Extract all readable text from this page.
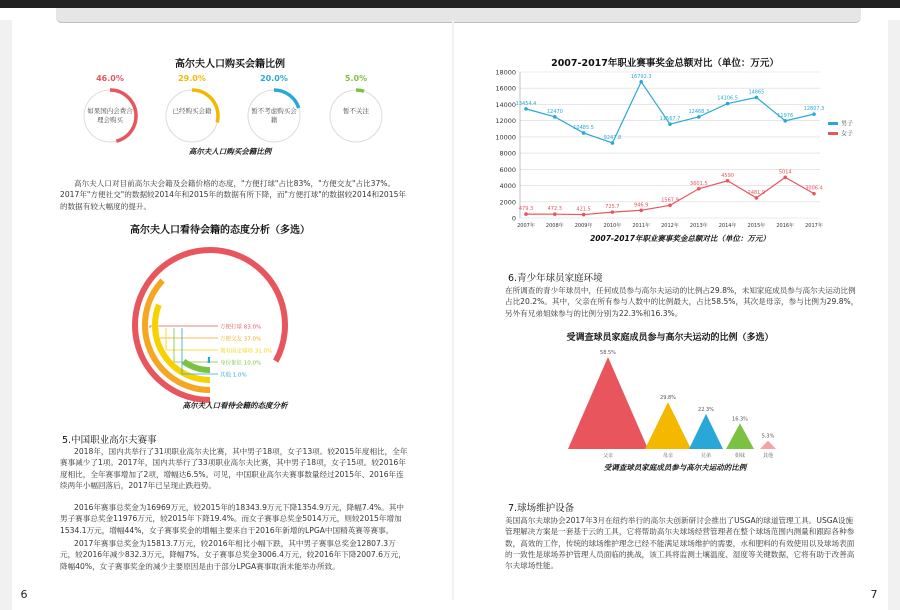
高尔夫人口购买会籍比例
46.0%
如果国内会费合理会购买
29.0%
已经购买会籍
20.0%
暂不考虑购买会籍
5.0%
暂不关注
高尔夫人口购买会籍比例

高尔夫人口对目前高尔夫会籍及会籍价格的态度，"方便打球"占比83%，"方便交友"占比37%。2017年"方便社交"的数据较2014年和2015年的数据有所下降，而"方便打球"的数据较2014和2015年的数据有较大幅度的提升。

高尔夫人口看待会籍的态度分析（多选）
方便打球 83.0%
方便交友 37.0%
拥有固定球场 31.0%
身份象征 10.0%
其他 1.0%
高尔夫人口看待会籍的态度分析
5.中国职业高尔夫赛事

2018年，国内共举行了31项职业高尔夫比赛，其中男子18项，女子13项。较2015年度相比，全年赛事减少了1项。2017年，国内共举行了33项职业高尔夫比赛，其中男子18项，女子15项。较2016年度相比，全年赛事增加了2项，增幅达6.5%。可见，中国职业高尔夫赛事数量经过2015年、2016年连续两年小幅回落后，2017年已呈现止跌趋势。

2016年赛事总奖金为16969万元，较2015年的18343.9万元下降1354.9万元，降幅7.4%。其中男子赛事总奖金11976万元，较2015年下降19.4%。而女子赛事总奖金5014万元，则较2015年增加1534.1万元，增幅44%，女子赛事奖金的增幅主要来自于2016年新增的LPGA中国精英赛等赛事。

2017年赛事总奖金为15813.7万元，较2016年相比小幅下跌，其中男子赛事总奖金12807.3万元，较2016年减少832.3万元，降幅7%。女子赛事总奖金3006.4万元，较2016年下降2007.6万元，降幅40%，女子赛事奖金的减少主要原因是由于部分LPGA赛事取消未能举办所致。

6
2007-2017年职业赛事奖金总额对比（单位：万元）
0
2000
4000
6000
8000
10000
12000
14000
16000
18000
2007年 2008年 2009年 2010年 2011年 2012年 2013年 2014年 2015年 2016年 2017年
13454.4
12470
10485.5
9247.8
16792.3
11567.7
12468.3
14106.5
14865
11976
12807.3
男子
479.3	472.3	421.5	725.7	946.9
1567.9
3601.5
4590
2481.9
5014
3006.4
女子
2007-2017年职业赛事奖金总额对比（单位：万元）
6.青少年球员家庭环境

在所调查的青少年球员中，任何成员参与高尔夫运动的比例占29.8%，未知家庭成员参与高尔夫运动比例占比20.2%。其中，父亲在所有参与人数中的比例最大，占比58.5%，其次是母亲，参与比例为29.8%，另外有兄弟姐妹参与的比例分别为22.3%和16.3%。

受调查球员家庭成员参与高尔夫运动的比例（多选）
58.5%
父亲
29.8%
母亲
22.3%
兄弟
16.3%
姐妹
5.3%
其他
受调查球员家庭成员参与高尔夫运动的比例
7.球场维护设备

美国高尔夫球协会2017年3月在纽约举行的高尔夫创新研讨会推出了USGA的球道管理工具。USGA设施管理解决方案是一套基于云的工具，它将帮助高尔夫球场经营管理者在整个球场范围内测量和跟踪各种参数，高效的工作，传统的球场维护理念已经不能满足球场维护的需要，水和肥料的有效使用以及球场表面的一致性是球场养护管理人员面临的挑战，该工具将监测土壤温度、湿度等关键数据，它将有助于改善高尔夫球场性能。

7
